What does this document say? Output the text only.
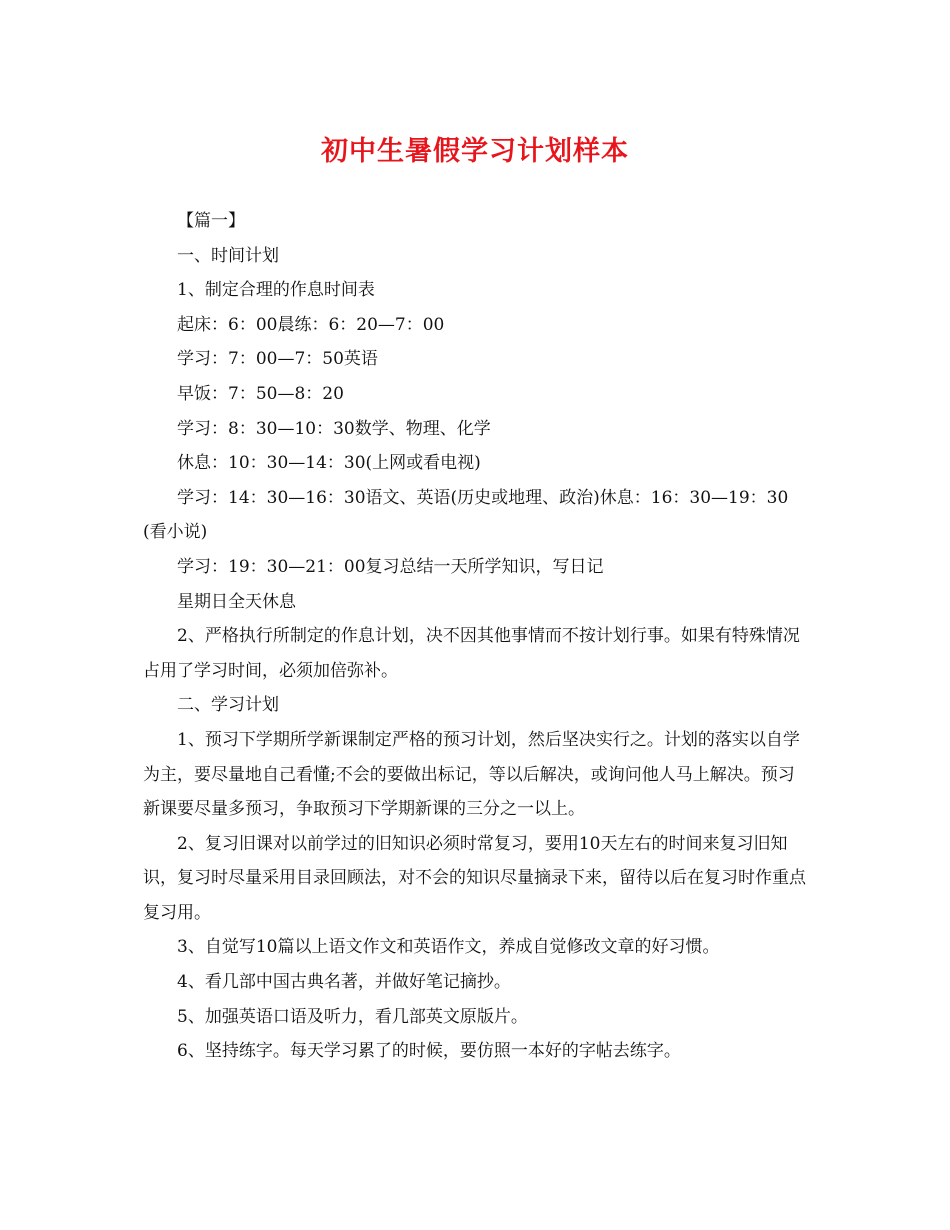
初中生暑假学习计划样本

【篇一】

一、时间计划

1、制定合理的作息时间表

起床：6：00晨练：6：20—7：00

学习：7：00—7：50英语

早饭：7：50—8：20

学习：8：30—10：30数学、物理、化学

休息：10：30—14：30(上网或看电视)

学习：14：30—16：30语文、英语(历史或地理、政治)休息：16：30—19：30(看小说)

学习：19：30—21：00复习总结一天所学知识，写日记

星期日全天休息

2、严格执行所制定的作息计划，决不因其他事情而不按计划行事。如果有特殊情况占用了学习时间，必须加倍弥补。

二、学习计划

1、预习下学期所学新课制定严格的预习计划，然后坚决实行之。计划的落实以自学为主，要尽量地自己看懂;不会的要做出标记，等以后解决，或询问他人马上解决。预习新课要尽量多预习，争取预习下学期新课的三分之一以上。

2、复习旧课对以前学过的旧知识必须时常复习，要用10天左右的时间来复习旧知识，复习时尽量采用目录回顾法，对不会的知识尽量摘录下来，留待以后在复习时作重点复习用。

3、自觉写10篇以上语文作文和英语作文，养成自觉修改文章的好习惯。

4、看几部中国古典名著，并做好笔记摘抄。

5、加强英语口语及听力，看几部英文原版片。

6、坚持练字。每天学习累了的时候，要仿照一本好的字帖去练字。
